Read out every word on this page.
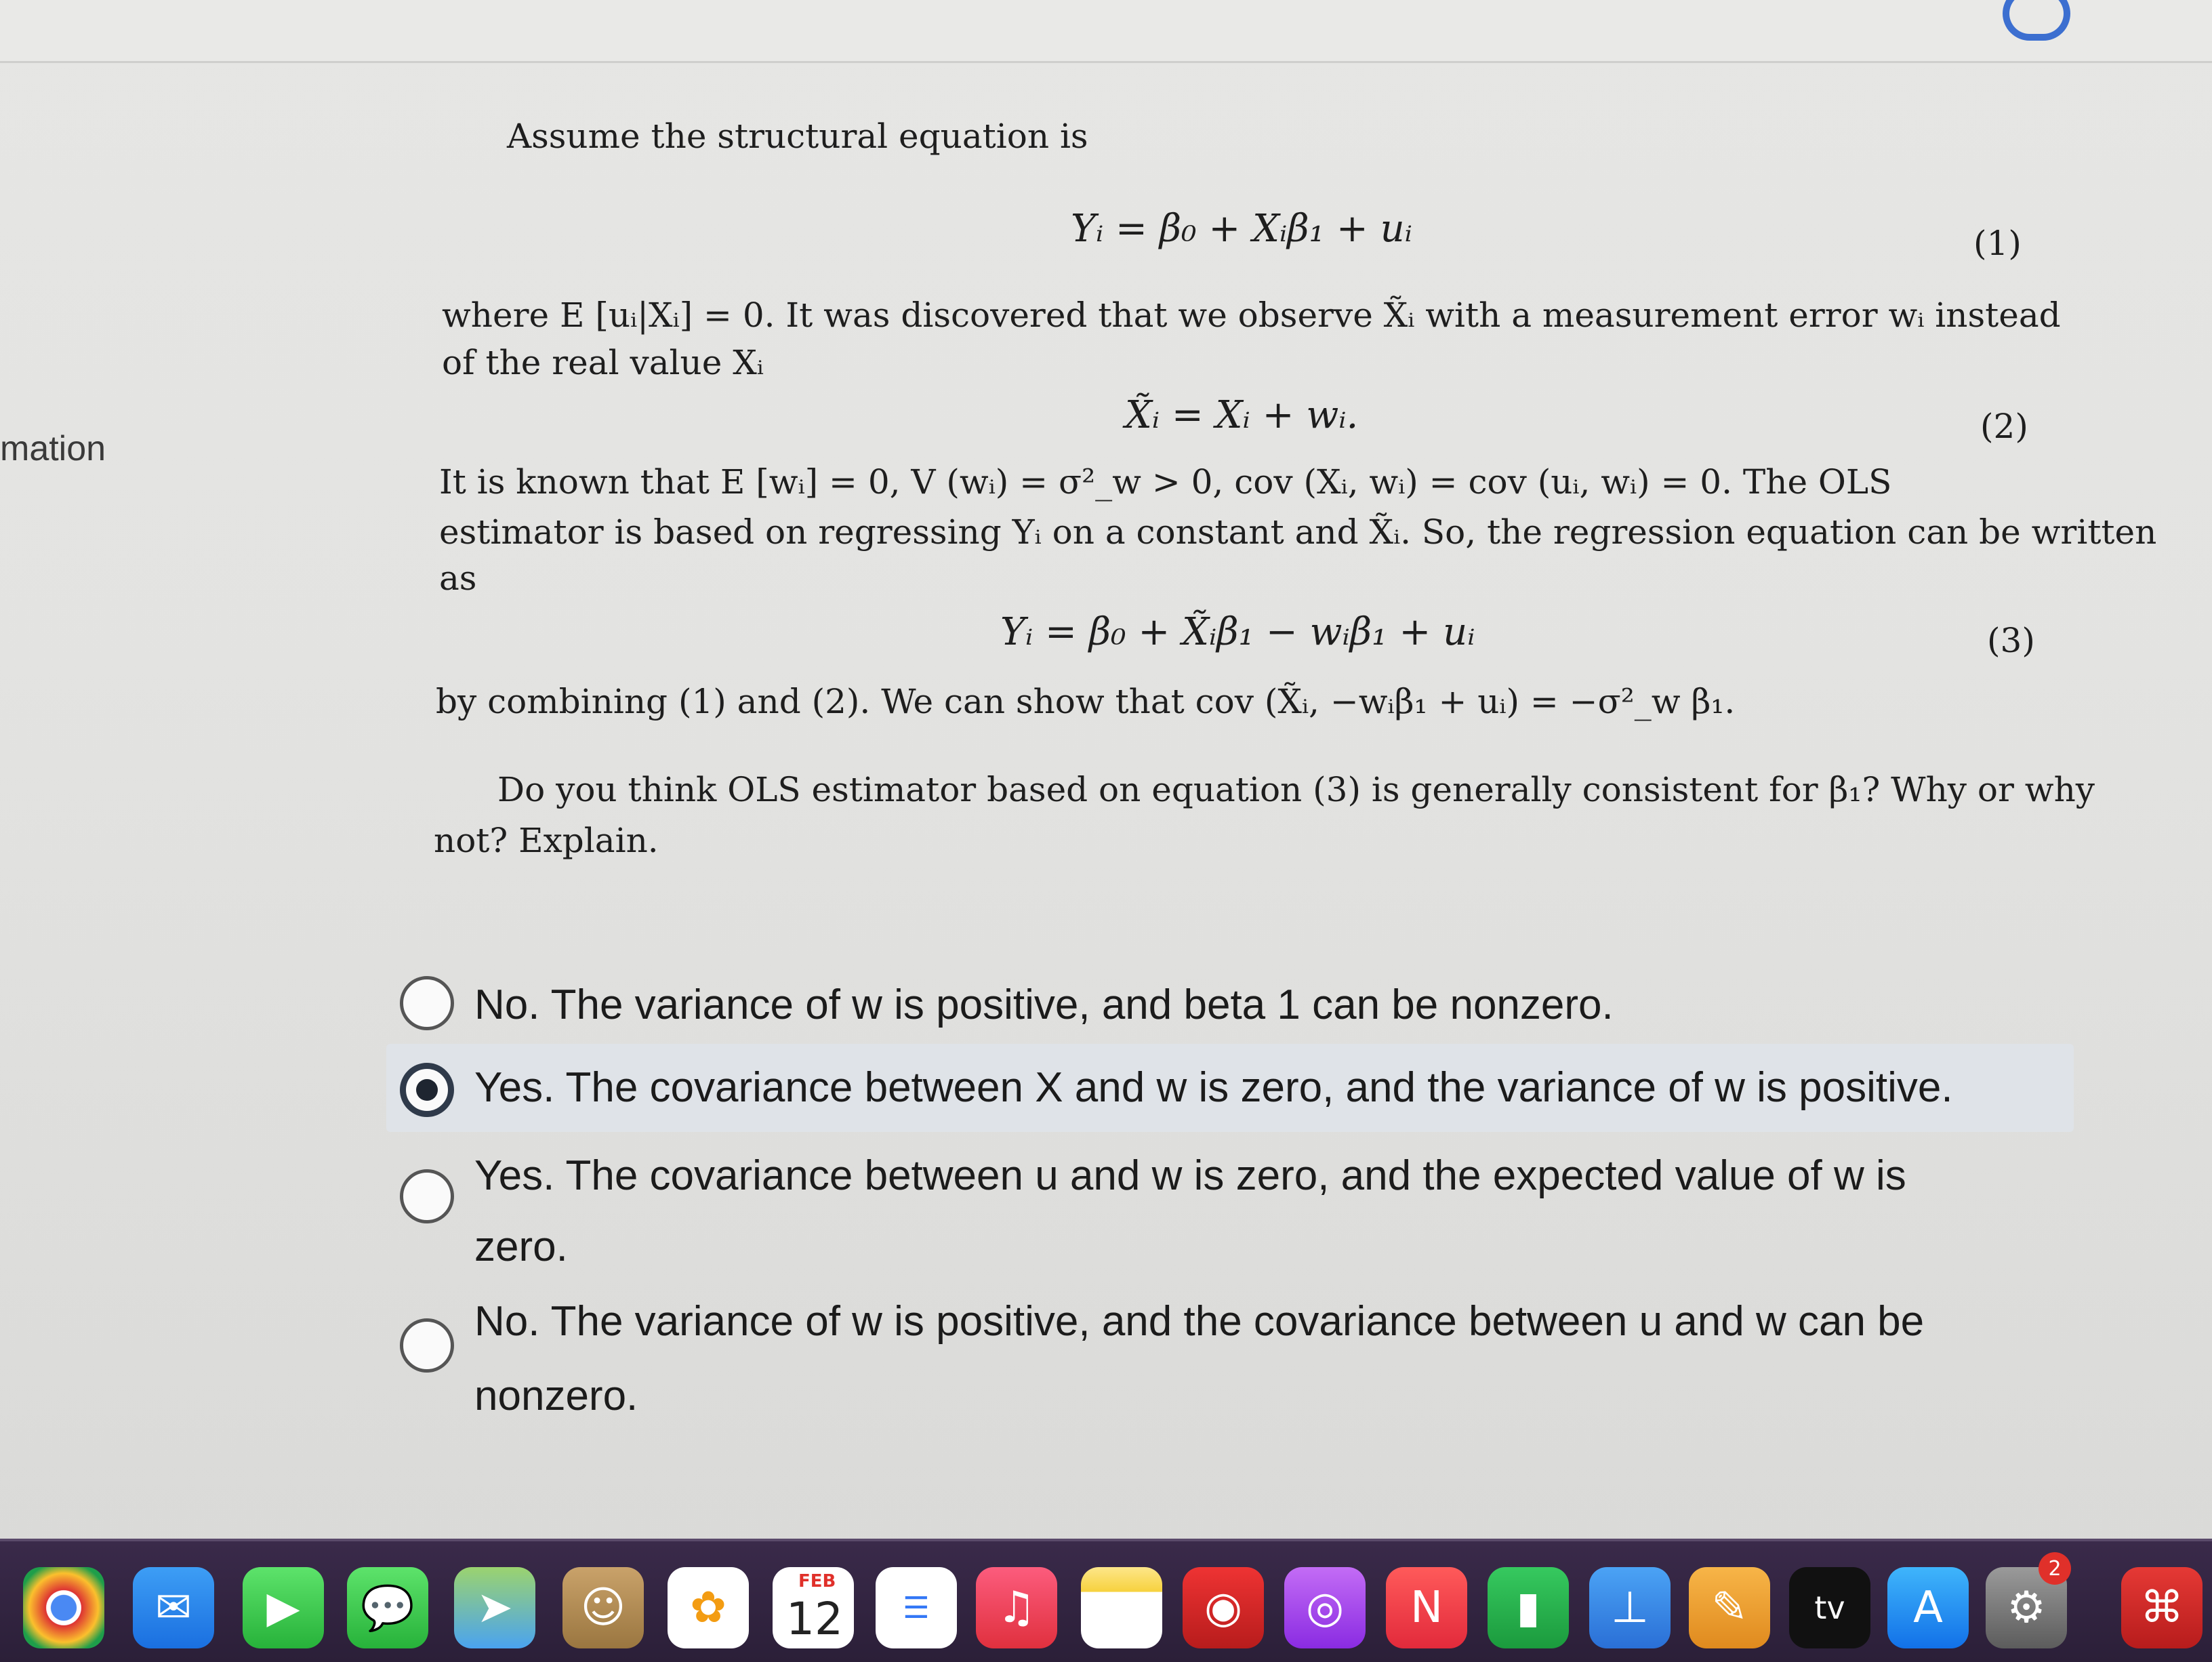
mation
Assume the structural equation is
Yᵢ = β₀ + Xᵢβ₁ + uᵢ	(1)
where E [uᵢ|Xᵢ] = 0. It was discovered that we observe X̃ᵢ with a measurement error wᵢ instead
of the real value Xᵢ
X̃ᵢ = Xᵢ + wᵢ.	(2)
It is known that E [wᵢ] = 0, V (wᵢ) = σ²_w > 0, cov (Xᵢ, wᵢ) = cov (uᵢ, wᵢ) = 0. The OLS
estimator is based on regressing Yᵢ on a constant and X̃ᵢ. So, the regression equation can be written
as
Yᵢ = β₀ + X̃ᵢβ₁ − wᵢβ₁ + uᵢ	(3)
by combining (1) and (2). We can show that cov (X̃ᵢ, −wᵢβ₁ + uᵢ) = −σ²_w β₁.
Do you think OLS estimator based on equation (3) is generally consistent for β₁? Why or why
not? Explain.
No. The variance of w is positive, and beta 1 can be nonzero.
Yes. The covariance between X and w is zero, and the variance of w is positive.
Yes. The covariance between u and w is zero, and the expected value of w is
zero.
No. The variance of w is positive, and the covariance between u and w can be
nonzero.
✉	▶	💬	➤	☺	✿
FEB
12	☰	♫	◉	◎	N	▮	⊥	✎	tv	A	⚙
2
⌘
